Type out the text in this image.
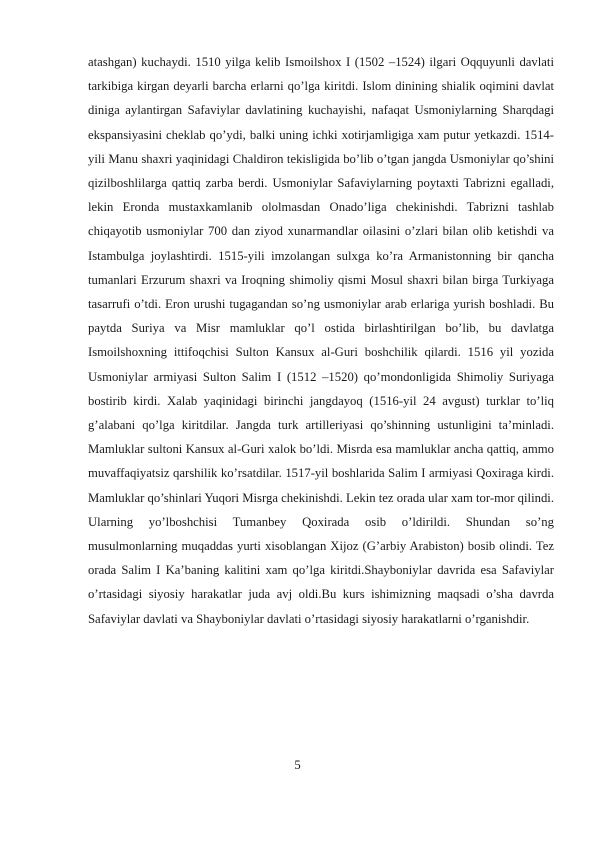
atashgan) kuchaydi. 1510 yilga kelib Ismoilshox I (1502 –1524) ilgari Oqquyunli davlati tarkibiga kirgan deyarli barcha erlarni qo’lga kiritdi. Islom dinining shialik oqimini davlat diniga aylantirgan Safaviylar davlatining kuchayishi, nafaqat Usmoniylarning Sharqdagi ekspansiyasini cheklab qo’ydi, balki uning ichki xotirjamligiga xam putur yetkazdi. 1514-yili Manu shaxri yaqinidagi Chaldiron tekisligida bo’lib o’tgan jangda Usmoniylar qo’shini qizilboshlilarga qattiq zarba berdi. Usmoniylar Safaviylarning poytaxti Tabrizni egalladi, lekin Eronda mustaxkamlanib ololmasdan Onado’liga chekinishdi. Tabrizni tashlab chiqayotib usmoniylar 700 dan ziyod xunarmandlar oilasini o’zlari bilan olib ketishdi va Istambulga joylashtirdi. 1515-yili imzolangan sulxga ko’ra Armanistonning bir qancha tumanlari Erzurum shaxri va Iroqning shimoliy qismi Mosul shaxri bilan birga Turkiyaga tasarrufi o’tdi. Eron urushi tugagandan so’ng usmoniylar arab erlariga yurish boshladi. Bu paytda Suriya va Misr mamluklar qo’l ostida birlashtirilgan bo’lib, bu davlatga Ismoilshoxning ittifoqchisi Sulton Kansux al-Guri boshchilik qilardi. 1516 yil yozida Usmoniylar armiyasi Sulton Salim I (1512 –1520) qo’mondonligida Shimoliy Suriyaga bostirib kirdi. Xalab yaqinidagi birinchi jangdayoq (1516-yil 24 avgust) turklar to’liq g’alabani qo’lga kiritdilar. Jangda turk artilleriyasi qo’shinning ustunligini ta’minladi. Mamluklar sultoni Kansux al-Guri xalok bo’ldi. Misrda esa mamluklar ancha qattiq, ammo muvaffaqiyatsiz qarshilik ko’rsatdilar. 1517-yil boshlarida Salim I armiyasi Qoxiraga kirdi. Mamluklar qo’shinlari Yuqori Misrga chekinishdi. Lekin tez orada ular xam tor-mor qilindi. Ularning yo’lboshchisi Tumanbey Qoxirada osib o’ldirildi. Shundan so’ng musulmonlarning muqaddas yurti xisoblangan Xijoz (G’arbiy Arabiston) bosib olindi. Tez orada Salim I Ka’baning kalitini xam qo’lga kiritdi.Shayboniylar davrida esa Safaviylar o’rtasidagi siyosiy harakatlar juda avj oldi.Bu kurs ishimizning maqsadi o’sha davrda Safaviylar davlati va Shayboniylar davlati o’rtasidagi siyosiy harakatlarni o’rganishdir.

5
